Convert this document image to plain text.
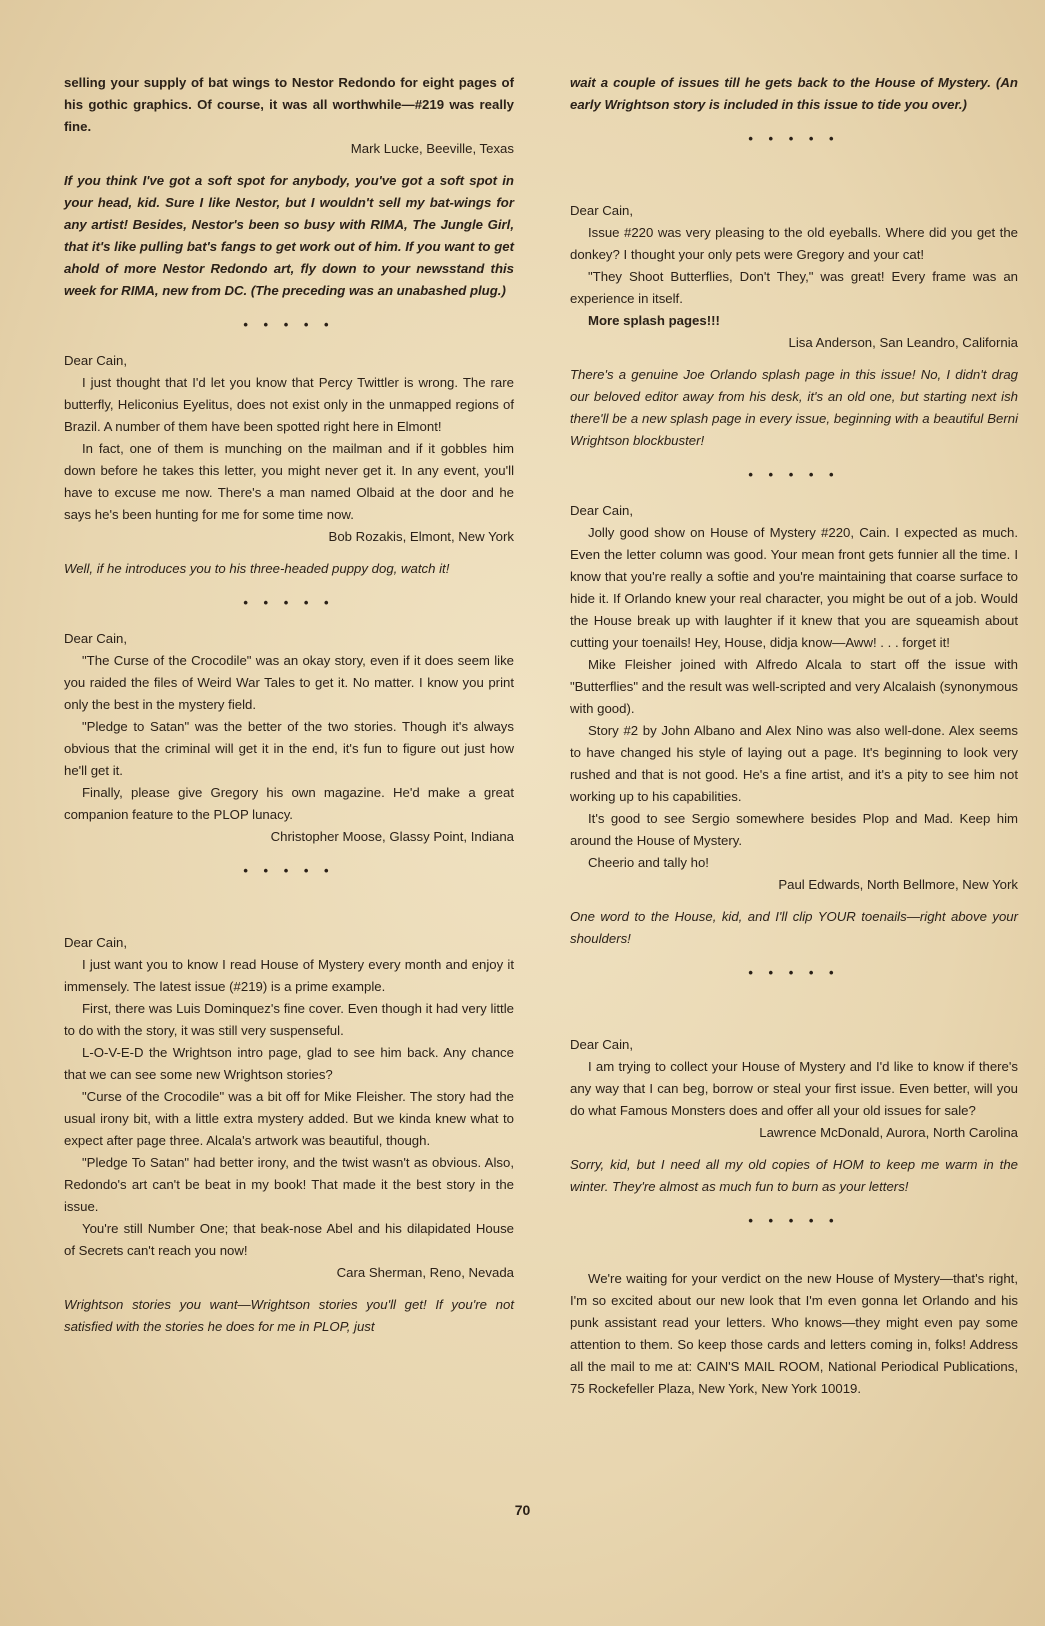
selling your supply of bat wings to Nestor Redondo for eight pages of his gothic graphics. Of course, it was all worthwhile—#219 was really fine.

Mark Lucke, Beeville, Texas

If you think I've got a soft spot for anybody, you've got a soft spot in your head, kid. Sure I like Nestor, but I wouldn't sell my bat-wings for any artist! Besides, Nestor's been so busy with RIMA, The Jungle Girl, that it's like pulling bat's fangs to get work out of him. If you want to get ahold of more Nestor Redondo art, fly down to your newsstand this week for RIMA, new from DC. (The preceding was an unabashed plug.)

• • • • •

Dear Cain,

I just thought that I'd let you know that Percy Twittler is wrong. The rare butterfly, Heliconius Eyelitus, does not exist only in the unmapped regions of Brazil. A number of them have been spotted right here in Elmont!

In fact, one of them is munching on the mailman and if it gobbles him down before he takes this letter, you might never get it. In any event, you'll have to excuse me now. There's a man named Olbaid at the door and he says he's been hunting for me for some time now.

Bob Rozakis, Elmont, New York

Well, if he introduces you to his three-headed puppy dog, watch it!

• • • • •

Dear Cain,

"The Curse of the Crocodile" was an okay story, even if it does seem like you raided the files of Weird War Tales to get it. No matter. I know you print only the best in the mystery field.

"Pledge to Satan" was the better of the two stories. Though it's always obvious that the criminal will get it in the end, it's fun to figure out just how he'll get it.

Finally, please give Gregory his own magazine. He'd make a great companion feature to the PLOP lunacy.

Christopher Moose, Glassy Point, Indiana

• • • • •

Dear Cain,

I just want you to know I read House of Mystery every month and enjoy it immensely. The latest issue (#219) is a prime example.

First, there was Luis Dominquez's fine cover. Even though it had very little to do with the story, it was still very suspenseful.

L-O-V-E-D the Wrightson intro page, glad to see him back. Any chance that we can see some new Wrightson stories?

"Curse of the Crocodile" was a bit off for Mike Fleisher. The story had the usual irony bit, with a little extra mystery added. But we kinda knew what to expect after page three. Alcala's artwork was beautiful, though.

"Pledge To Satan" had better irony, and the twist wasn't as obvious. Also, Redondo's art can't be beat in my book! That made it the best story in the issue.

You're still Number One; that beak-nose Abel and his dilapidated House of Secrets can't reach you now!

Cara Sherman, Reno, Nevada

Wrightson stories you want—Wrightson stories you'll get! If you're not satisfied with the stories he does for me in PLOP, just

wait a couple of issues till he gets back to the House of Mystery. (An early Wrightson story is included in this issue to tide you over.)

• • • • •

Dear Cain,

Issue #220 was very pleasing to the old eyeballs. Where did you get the donkey? I thought your only pets were Gregory and your cat!

"They Shoot Butterflies, Don't They," was great! Every frame was an experience in itself.

More splash pages!!!

Lisa Anderson, San Leandro, California

There's a genuine Joe Orlando splash page in this issue! No, I didn't drag our beloved editor away from his desk, it's an old one, but starting next ish there'll be a new splash page in every issue, beginning with a beautiful Berni Wrightson blockbuster!

• • • • •

Dear Cain,

Jolly good show on House of Mystery #220, Cain. I expected as much. Even the letter column was good. Your mean front gets funnier all the time. I know that you're really a softie and you're maintaining that coarse surface to hide it. If Orlando knew your real character, you might be out of a job. Would the House break up with laughter if it knew that you are squeamish about cutting your toenails! Hey, House, didja know—Aww! . . . forget it!

Mike Fleisher joined with Alfredo Alcala to start off the issue with "Butterflies" and the result was well-scripted and very Alcalaish (synonymous with good).

Story #2 by John Albano and Alex Nino was also well-done. Alex seems to have changed his style of laying out a page. It's beginning to look very rushed and that is not good. He's a fine artist, and it's a pity to see him not working up to his capabilities.

It's good to see Sergio somewhere besides Plop and Mad. Keep him around the House of Mystery.

Cheerio and tally ho!

Paul Edwards, North Bellmore, New York

One word to the House, kid, and I'll clip YOUR toenails—right above your shoulders!

• • • • •

Dear Cain,

I am trying to collect your House of Mystery and I'd like to know if there's any way that I can beg, borrow or steal your first issue. Even better, will you do what Famous Monsters does and offer all your old issues for sale?

Lawrence McDonald, Aurora, North Carolina

Sorry, kid, but I need all my old copies of HOM to keep me warm in the winter. They're almost as much fun to burn as your letters!

• • • • •

We're waiting for your verdict on the new House of Mystery—that's right, I'm so excited about our new look that I'm even gonna let Orlando and his punk assistant read your letters. Who knows—they might even pay some attention to them. So keep those cards and letters coming in, folks! Address all the mail to me at: CAIN'S MAIL ROOM, National Periodical Publications, 75 Rockefeller Plaza, New York, New York 10019.

70
